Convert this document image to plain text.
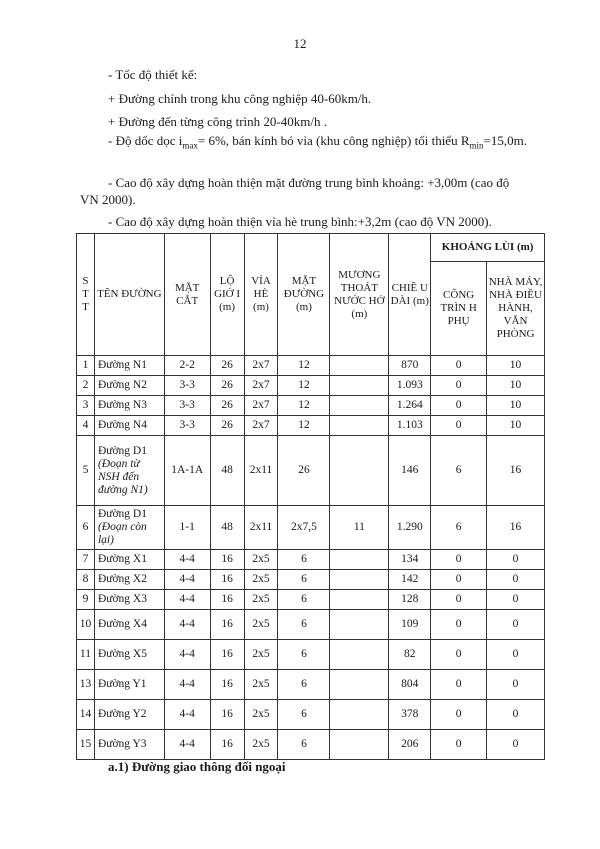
12
- Tốc độ thiết kế:
+ Đường chính trong khu công nghiệp 40-60km/h.
+ Đường đến từng công trình 20-40km/h .
- Độ dốc dọc $i_{max}= 6\%$, bán kính bó vỉa (khu công nghiệp) tối thiểu $R_{min}=15,0m$.
- Cao độ xây dựng hoàn thiện mặt đường trung bình khoảng: +3,00m (cao độ VN 2000).
- Cao độ xây dựng hoàn thiện vỉa hè trung bình:+3,2m (cao độ VN 2000).
S T T	TÊN ĐƯỜNG	MẶT CẮT	LỘ GIỚ I (m)	VỈA HÈ (m)	MẶT ĐƯỜNG (m)	MƯƠNG THOÁT NƯỚC HỞ (m)	CHIỀ U DÀI (m)	KHOẢNG LÙI (m)	
								CÔNG TRÌN H PHỤ	NHÀ MÁY, NHÀ ĐIỀU HÀNH, VĂN PHÒNG
1	Đường N1	2-2	26	2x7	12		870	0	10
2	Đường N2	3-3	26	2x7	12		1.093	0	10
3	Đường N3	3-3	26	2x7	12		1.264	0	10
4	Đường N4	3-3	26	2x7	12		1.103	0	10
5	Đường D1
(Đoạn từ NSH đến đường N1)	1A-1A	48	2x11	26		146	6	16
6	Đường D1
(Đoạn còn lại)	1-1	48	2x11	2x7,5	11	1.290	6	16
7	Đường X1	4-4	16	2x5	6		134	0	0
8	Đường X2	4-4	16	2x5	6		142	0	0
9	Đường X3	4-4	16	2x5	6		128	0	0
10	Đường X4	4-4	16	2x5	6		109	0	0
11	Đường X5	4-4	16	2x5	6		82	0	0
13	Đường Y1	4-4	16	2x5	6		804	0	0
14	Đường Y2	4-4	16	2x5	6		378	0	0
15	Đường Y3	4-4	16	2x5	6		206	0	0
a.1) Đường giao thông đối ngoại
